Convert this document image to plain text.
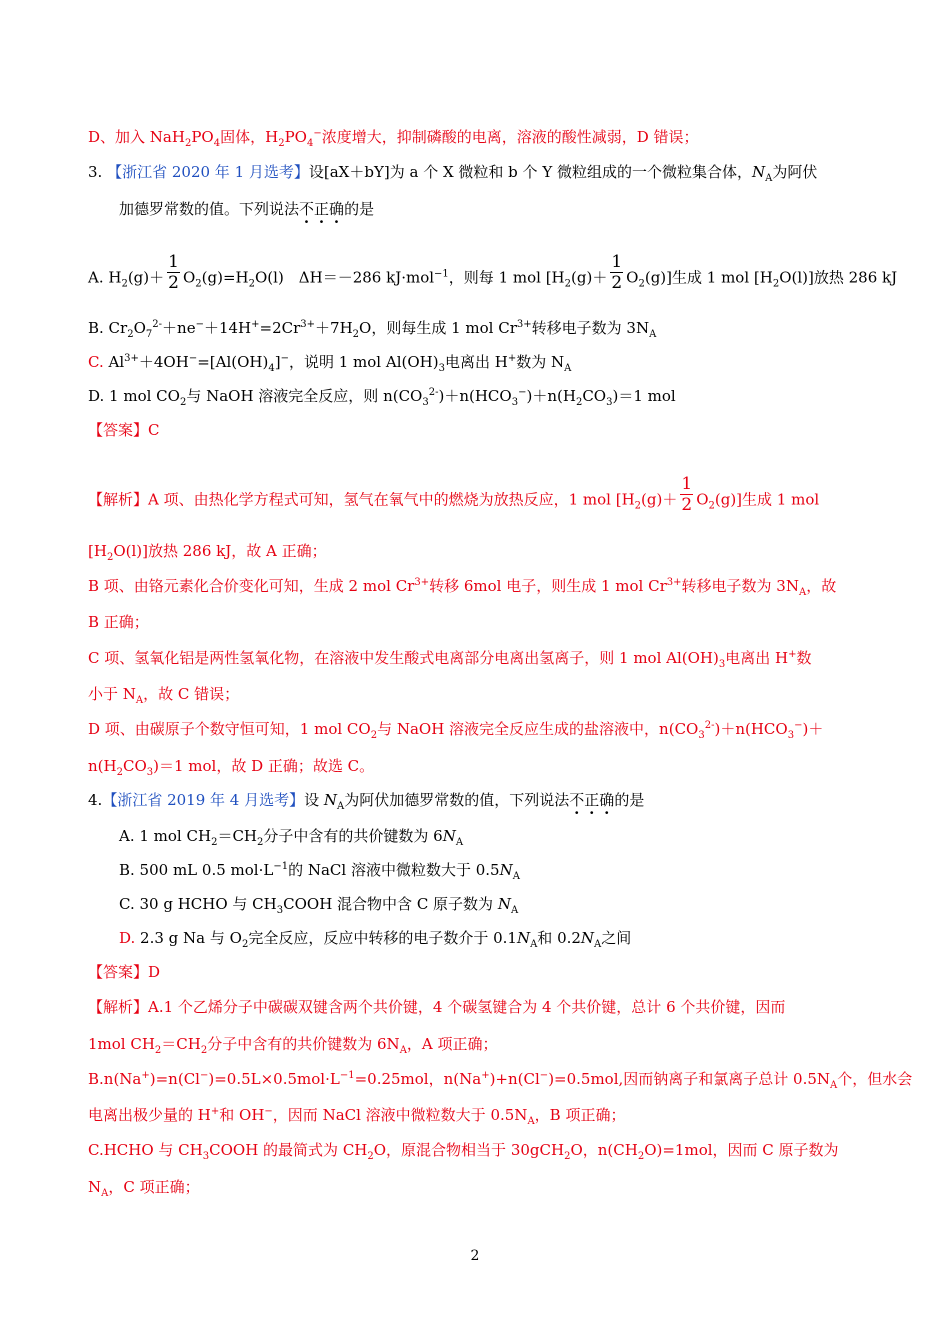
D、加入 $NaH_2PO_4$固体，$H_2PO_4^-$浓度增大，抑制磷酸的电离，溶液的酸性减弱，D 错误；
3. 【浙江省 2020 年 1 月选考】设[aX＋bY]为 a 个 X 微粒和 b 个 Y 微粒组成的一个微粒集合体，$N_A$为阿伏
加德罗常数的值。下列说法不正确的是
A. $H_2(g)+ \frac{1}{2} O_2(g)=H_2O(l)$　ΔH＝－286 kJ·mol$^{-1}$，则每 1 mol $[H_2(g)+ \frac{1}{2} O_2(g)]$生成 1 mol $[H_2O(l)]$放热 286 kJ
B. $Cr_2O_7^{2-}+ne^-+14H^+=2Cr^{3+}+7H_2O$，则每生成 1 mol $Cr^{3+}$转移电子数为 $3N_A$
C. $Al^{3+}+4OH^-=[Al(OH)_4]^-$，说明 1 mol $Al(OH)_3$电离出 H+数为 $N_A$
D. 1 mol $CO_2$与 NaOH 溶液完全反应，则 $n(CO_3^{2-})+n(HCO_3^-)+n(H_2CO_3)=1$ mol
【答案】C
【解析】A 项、由热化学方程式可知，氢气在氧气中的燃烧为放热反应，1 mol $[H_2(g)+ \frac{1}{2} O_2(g)]$生成 1 mol
$[H_2O(l)]$放热 286 kJ，故 A 正确；
B 项、由铬元素化合价变化可知，生成 2 mol $Cr^{3+}$转移 6mol 电子，则生成 1 mol $Cr^{3+}$转移电子数为 $3N_A$，故
B 正确；
C 项、氢氧化铝是两性氢氧化物，在溶液中发生酸式电离部分电离出氢离子，则 1 mol $Al(OH)_3$电离出 H+数
小于 $N_A$，故 C 错误；
D 项、由碳原子个数守恒可知，1 mol $CO_2$与 NaOH 溶液完全反应生成的盐溶液中，$n(CO_3^{2-})+n(HCO_3^-)+$
$n(H_2CO_3)=1$ mol，故 D 正确；故选 C。
4.【浙江省 2019 年 4 月选考】设 $N_A$为阿伏加德罗常数的值，下列说法不正确的是
A. 1 mol $CH_2=CH_2$分子中含有的共价键数为 $6N_A$
B. 500 mL 0.5 $mol\cdot L^{-1}$的 NaCl 溶液中微粒数大于 $0.5N_A$
C. 30 g HCHO 与 $CH_3COOH$ 混合物中含 C 原子数为 $N_A$
D. 2.3 g Na 与 $O_2$完全反应，反应中转移的电子数介于 $0.1N_A$和 $0.2N_A$之间
【答案】D
【解析】A.1 个乙烯分子中碳碳双键含两个共价键，4 个碳氢键合为 4 个共价键，总计 6 个共价键，因而
1mol $CH_2=CH_2$分子中含有的共价键数为 $6N_A$，A 项正确；
$B.n(Na^+)=n(Cl^-)=0.5L\times 0.5mol\cdot L^{-1}=0.25mol$，n(Na+)+n(Cl−)=0.5mol,因而钠离子和氯离子总计 $0.5N_A$个，但水会
电离出极少量的 H+和 OH−，因而 NaCl 溶液中微粒数大于 $0.5N_A$，B 项正确；
C.HCHO 与 $CH_3COOH$ 的最简式为 $CH_2O$，原混合物相当于 30gCH$_2$O，$n(CH_2O)=1mol$，因而 C 原子数为
$N_A$，C 项正确；
2
